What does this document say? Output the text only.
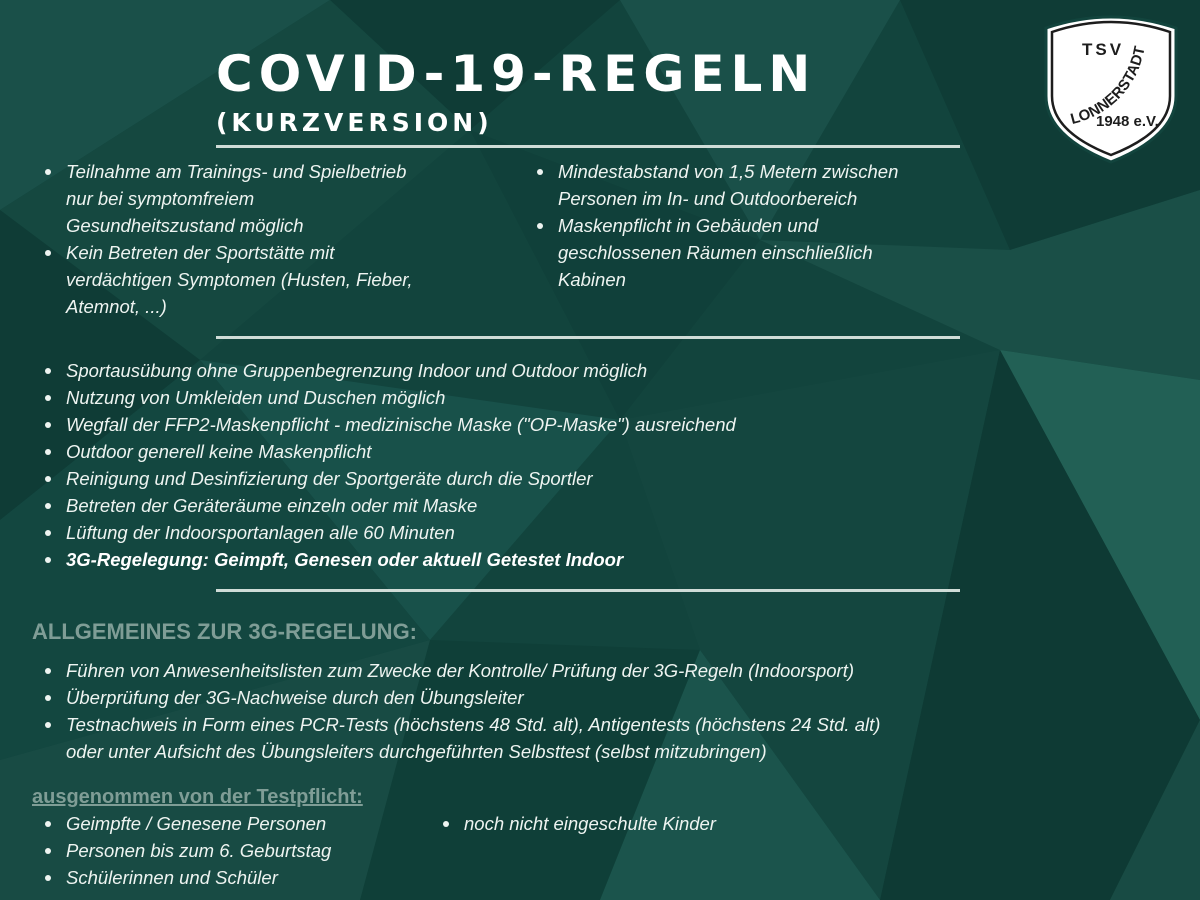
TSV
LONNERSTADT
1948 e.V.
COVID-19-REGELN
(KURZVERSION)
Teilnahme am Trainings- und Spielbetrieb
nur bei symptomfreiem
Gesundheitszustand möglich
Kein Betreten der Sportstätte mit
verdächtigen Symptomen (Husten, Fieber,
Atemnot, ...)
Mindestabstand von 1,5 Metern zwischen
Personen im In- und Outdoorbereich
Maskenpflicht in Gebäuden und
geschlossenen Räumen einschließlich
Kabinen
Sportausübung ohne Gruppenbegrenzung Indoor und Outdoor möglich
Nutzung von Umkleiden und Duschen möglich
Wegfall der FFP2-Maskenpflicht - medizinische Maske ("OP-Maske") ausreichend
Outdoor generell keine Maskenpflicht
Reinigung und Desinfizierung der Sportgeräte durch die Sportler
Betreten der Geräteräume einzeln oder mit Maske
Lüftung der Indoorsportanlagen alle 60 Minuten
3G-Regelegung: Geimpft, Genesen oder aktuell Getestet Indoor
ALLGEMEINES ZUR 3G-REGELUNG:
Führen von Anwesenheitslisten zum Zwecke der Kontrolle/ Prüfung der 3G-Regeln (Indoorsport)
Überprüfung der 3G-Nachweise durch den Übungsleiter
Testnachweis in Form eines PCR-Tests (höchstens 48 Std. alt), Antigentests (höchstens 24 Std. alt)
oder unter Aufsicht des Übungsleiters durchgeführten Selbsttest (selbst mitzubringen)
ausgenommen von der Testpflicht:
Geimpfte / Genesene Personen
Personen bis zum 6. Geburtstag
Schülerinnen und Schüler
noch nicht eingeschulte Kinder
